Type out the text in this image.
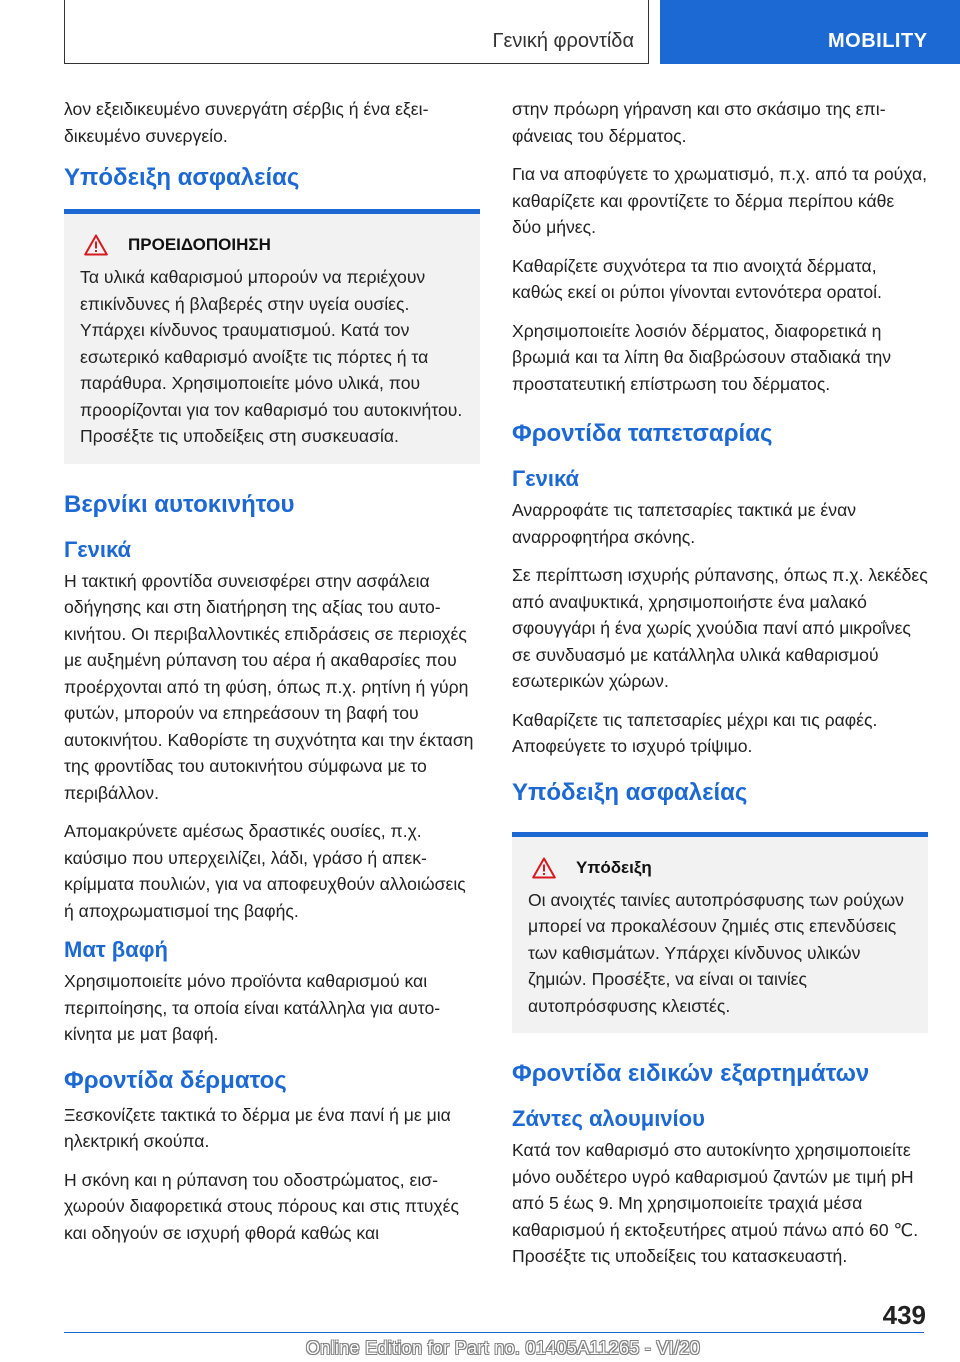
Γενική φροντίδα	MOBILITY

λον εξειδικευμένο συνεργάτη σέρβις ή ένα εξειδικευμένο συνεργείο.

Υπόδειξη ασφαλείας
ΠΡΟΕΙΔΟΠΟΙΗΣΗ

Τα υλικά καθαρισμού μπορούν να περιέχουν επικίνδυνες ή βλαβερές στην υγεία ουσίες. Υπάρχει κίνδυνος τραυματισμού. Κατά τον εσωτερικό καθαρισμό ανοίξτε τις πόρτες ή τα παράθυρα. Χρησιμοποιείτε μόνο υλικά, που προορίζονται για τον καθαρισμό του αυτοκινήτου. Προσέξτε τις υποδείξεις στη συσκευασία.

Βερνίκι αυτοκινήτου
Γενικά

Η τακτική φροντίδα συνεισφέρει στην ασφάλεια οδήγησης και στη διατήρηση της αξίας του αυτοκινήτου. Οι περιβαλλοντικές επιδράσεις σε περιοχές με αυξημένη ρύπανση του αέρα ή ακαθαρσίες που προέρχονται από τη φύση, όπως π.χ. ρητίνη ή γύρη φυτών, μπορούν να επηρεάσουν τη βαφή του αυτοκινήτου. Καθορίστε τη συχνότητα και την έκταση της φροντίδας του αυτοκινήτου σύμφωνα με το περιβάλλον.

Απομακρύνετε αμέσως δραστικές ουσίες, π.χ. καύσιμο που υπερχειλίζει, λάδι, γράσο ή απεκκρίμματα πουλιών, για να αποφευχθούν αλλοιώσεις ή αποχρωματισμοί της βαφής.

Ματ βαφή

Χρησιμοποιείτε μόνο προϊόντα καθαρισμού και περιποίησης, τα οποία είναι κατάλληλα για αυτοκίνητα με ματ βαφή.

Φροντίδα δέρματος

Ξεσκονίζετε τακτικά το δέρμα με ένα πανί ή με μια ηλεκτρική σκούπα.

Η σκόνη και η ρύπανση του οδοστρώματος, εισχωρούν διαφορετικά στους πόρους και στις πτυχές και οδηγούν σε ισχυρή φθορά καθώς και

στην πρόωρη γήρανση και στο σκάσιμο της επιφάνειας του δέρματος.

Για να αποφύγετε το χρωματισμό, π.χ. από τα ρούχα, καθαρίζετε και φροντίζετε το δέρμα περίπου κάθε δύο μήνες.

Καθαρίζετε συχνότερα τα πιο ανοιχτά δέρματα, καθώς εκεί οι ρύποι γίνονται εντονότερα ορατοί.

Χρησιμοποιείτε λοσιόν δέρματος, διαφορετικά η βρωμιά και τα λίπη θα διαβρώσουν σταδιακά την προστατευτική επίστρωση του δέρματος.

Φροντίδα ταπετσαρίας
Γενικά

Αναρροφάτε τις ταπετσαρίες τακτικά με έναν αναρροφητήρα σκόνης.

Σε περίπτωση ισχυρής ρύπανσης, όπως π.χ. λεκέδες από αναψυκτικά, χρησιμοποιήστε ένα μαλακό σφουγγάρι ή ένα χωρίς χνούδια πανί από μικροΐνες σε συνδυασμό με κατάλληλα υλικά καθαρισμού εσωτερικών χώρων.

Καθαρίζετε τις ταπετσαρίες μέχρι και τις ραφές. Αποφεύγετε το ισχυρό τρίψιμο.

Υπόδειξη ασφαλείας
Υπόδειξη

Οι ανοιχτές ταινίες αυτοπρόσφυσης των ρούχων μπορεί να προκαλέσουν ζημιές στις επενδύσεις των καθισμάτων. Υπάρχει κίνδυνος υλικών ζημιών. Προσέξτε, να είναι οι ταινίες αυτοπρόσφυσης κλειστές.

Φροντίδα ειδικών εξαρτημάτων
Ζάντες αλουμινίου

Κατά τον καθαρισμό στο αυτοκίνητο χρησιμοποιείτε μόνο ουδέτερο υγρό καθαρισμού ζαντών με τιμή pH από 5 έως 9. Μη χρησιμοποιείτε τραχιά μέσα καθαρισμού ή εκτοξευτήρες ατμού πάνω από 60 ℃. Προσέξτε τις υποδείξεις του κατασκευαστή.

439
Online Edition for Part no. 01405A11265 - VI/20
